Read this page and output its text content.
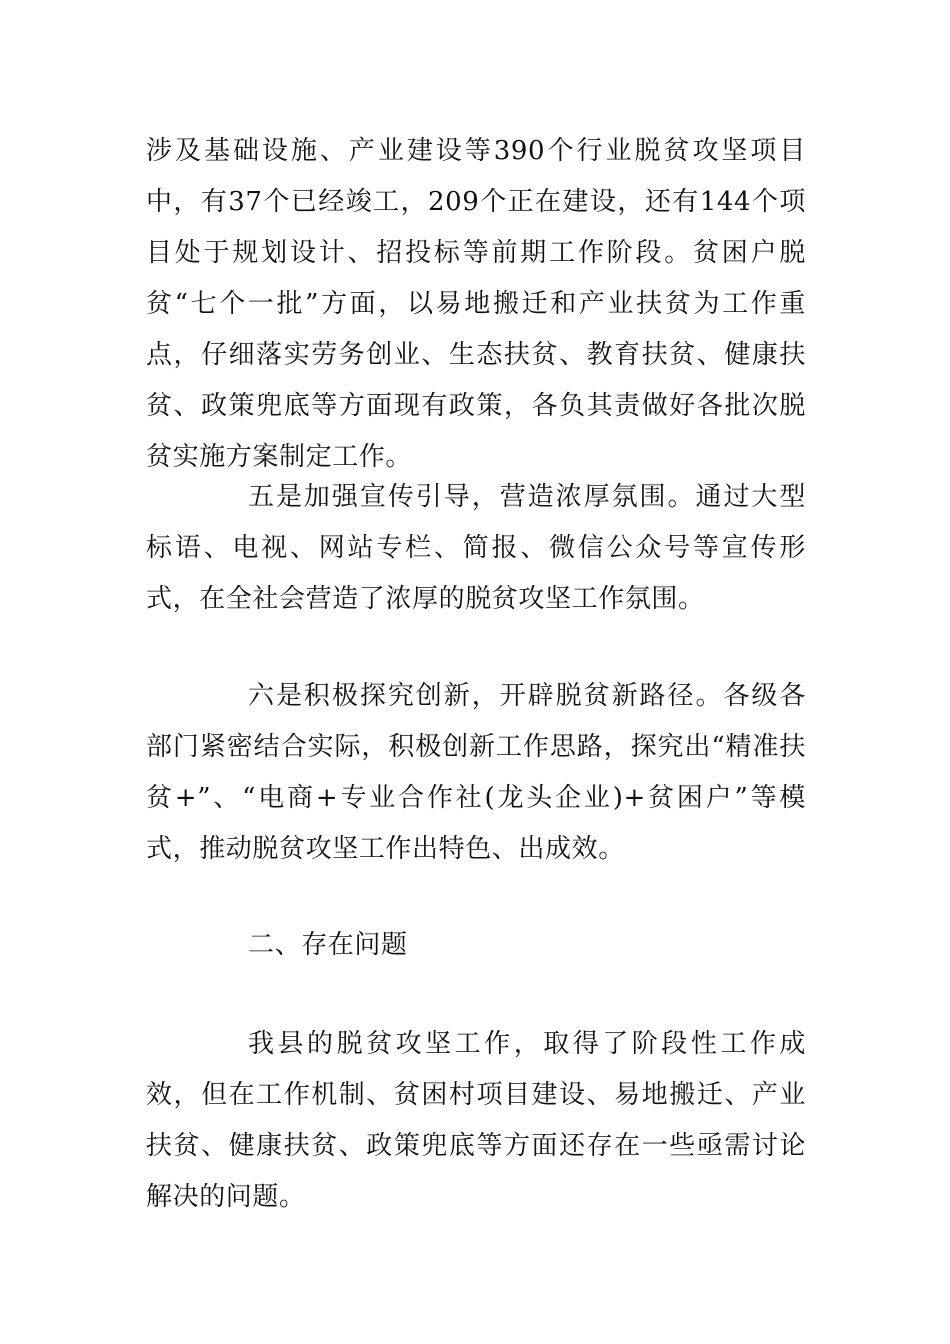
涉及基础设施、产业建设等390个行业脱贫攻坚项目中，有37个已经竣工，209个正在建设，还有144个项目处于规划设计、招投标等前期工作阶段。贫困户脱贫“七个一批”方面，以易地搬迁和产业扶贫为工作重点，仔细落实劳务创业、生态扶贫、教育扶贫、健康扶贫、政策兜底等方面现有政策，各负其责做好各批次脱贫实施方案制定工作。

五是加强宣传引导，营造浓厚氛围。通过大型标语、电视、网站专栏、简报、微信公众号等宣传形式，在全社会营造了浓厚的脱贫攻坚工作氛围。

六是积极探究创新，开辟脱贫新路径。各级各部门紧密结合实际，积极创新工作思路，探究出“精准扶贫+”、“电商+专业合作社(龙头企业)+贫困户”等模式，推动脱贫攻坚工作出特色、出成效。

二、存在问题

我县的脱贫攻坚工作，取得了阶段性工作成效，但在工作机制、贫困村项目建设、易地搬迁、产业扶贫、健康扶贫、政策兜底等方面还存在一些亟需讨论解决的问题。
